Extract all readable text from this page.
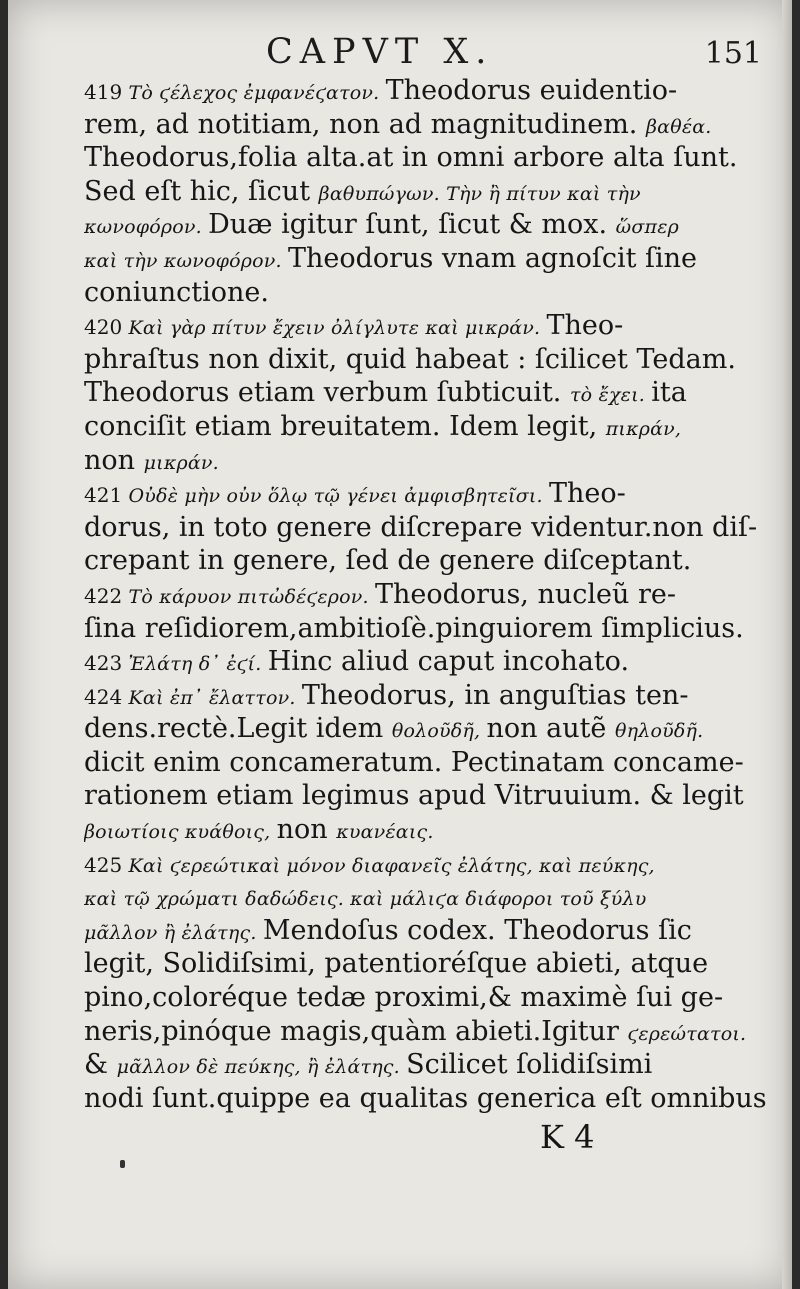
CAPVT X.	151
419 Τὸ ϛέλεχος ἐμφανέϛατον. Theodorus euidentio-
rem, ad notitiam, non ad magnitudinem. βαθέα.
Theodorus,folia alta.at in omni arbore alta ſunt.
Sed eſt hic, ſicut βαθυπώγων. Τὴν ἢ πίτυν καὶ τὴν
κωνοφόρον. Duæ igitur ſunt, ſicut & mox. ὥσπερ
καὶ τὴν κωνοφόρον. Theodorus vnam agnoſcit ſine
coniunctione.
420 Καὶ γὰρ πίτυν ἔχειν ὀλίγλυτε καὶ μικράν. Theo-
phraſtus non dixit, quid habeat : ſcilicet Tedam.
Theodorus etiam verbum ſubticuit. τὸ ἔχει. ita
conciſit etiam breuitatem. Idem legit, πικράν,
non μικράν.
421 Οὐδὲ μὴν οὐν ὅλῳ τῷ γένει ἀμφισβητεῖσι. Theo-
dorus, in toto genere diſcrepare videntur.non diſ-
crepant in genere, ſed de genere diſceptant.
422 Τὸ κάρυον πιτὠδέϛερον. Theodorus, nucleũ re-
ſina reſidiorem,ambitioſè.pinguiorem ſimplicius.
423 Ἐλάτη δ᾽ ἐϛί. Hinc aliud caput incohato.
424 Καὶ ἐπ᾽ ἔλαττον. Theodorus, in anguſtias ten-
dens.rectè.Legit idem θολοῦδῆ, non autẽ θηλοῦδῆ.
dicit enim concameratum. Pectinatam concame-
rationem etiam legimus apud Vitruuium. & legit
βοιωτίοις κυάθοις, non κυανέαις.
425 Καὶ ϛερεώτικαὶ μόνον διαφανεῖς ἐλάτης, καὶ πεύκης,
καὶ τῷ χρώματι δαδώδεις. καὶ μάλιϛα διάφοροι τοῦ ξύλυ
μᾶλλον ἢ ἐλάτης. Mendoſus codex. Theodorus ſic
legit, Solidiſsimi, patentioréſque abieti, atque
pino,coloréque tedæ proximi,& maximè ſui ge-
neris,pinóque magis,quàm abieti.Igitur ϛερεώτατοι.
& μᾶλλον δὲ πεύκης, ἢ ἐλάτης. Scilicet ſolidiſsimi
nodi ſunt.quippe ea qualitas generica eſt omnibus
K 4
